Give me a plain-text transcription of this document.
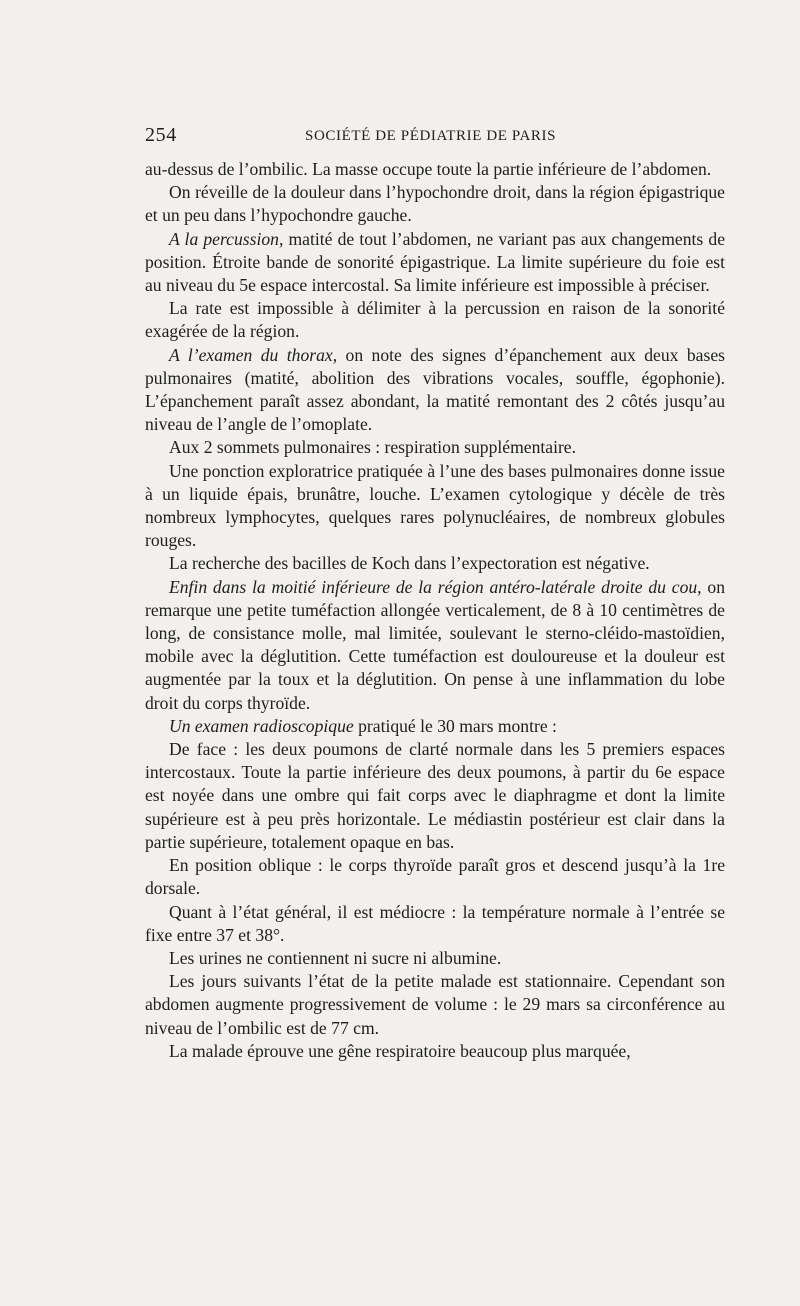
254	SOCIÉTÉ DE PÉDIATRIE DE PARIS

au-dessus de l’ombilic. La masse occupe toute la partie inférieure de l’abdomen.

On réveille de la douleur dans l’hypochondre droit, dans la région épigastrique et un peu dans l’hypochondre gauche.

A la percussion, matité de tout l’abdomen, ne variant pas aux changements de position. Étroite bande de sonorité épigastrique. La limite supérieure du foie est au niveau du 5e espace intercostal. Sa limite inférieure est impossible à préciser.

La rate est impossible à délimiter à la percussion en raison de la sonorité exagérée de la région.

A l’examen du thorax, on note des signes d’épanchement aux deux bases pulmonaires (matité, abolition des vibrations vocales, souffle, égophonie). L’épanchement paraît assez abondant, la matité remontant des 2 côtés jusqu’au niveau de l’angle de l’omoplate.

Aux 2 sommets pulmonaires : respiration supplémentaire.

Une ponction exploratrice pratiquée à l’une des bases pulmonaires donne issue à un liquide épais, brunâtre, louche. L’examen cytologique y décèle de très nombreux lymphocytes, quelques rares polynucléaires, de nombreux globules rouges.

La recherche des bacilles de Koch dans l’expectoration est négative.

Enfin dans la moitié inférieure de la région antéro-latérale droite du cou, on remarque une petite tuméfaction allongée verticalement, de 8 à 10 centimètres de long, de consistance molle, mal limitée, soulevant le sterno-cléido-mastoïdien, mobile avec la déglutition. Cette tuméfaction est douloureuse et la douleur est augmentée par la toux et la déglutition. On pense à une inflammation du lobe droit du corps thyroïde.

Un examen radioscopique pratiqué le 30 mars montre :

De face : les deux poumons de clarté normale dans les 5 premiers espaces intercostaux. Toute la partie inférieure des deux poumons, à partir du 6e espace est noyée dans une ombre qui fait corps avec le diaphragme et dont la limite supérieure est à peu près horizontale. Le médiastin postérieur est clair dans la partie supérieure, totalement opaque en bas.

En position oblique : le corps thyroïde paraît gros et descend jusqu’à la 1re dorsale.

Quant à l’état général, il est médiocre : la température normale à l’entrée se fixe entre 37 et 38°.

Les urines ne contiennent ni sucre ni albumine.

Les jours suivants l’état de la petite malade est stationnaire. Cependant son abdomen augmente progressivement de volume : le 29 mars sa circonférence au niveau de l’ombilic est de 77 cm.

La malade éprouve une gêne respiratoire beaucoup plus marquée,
